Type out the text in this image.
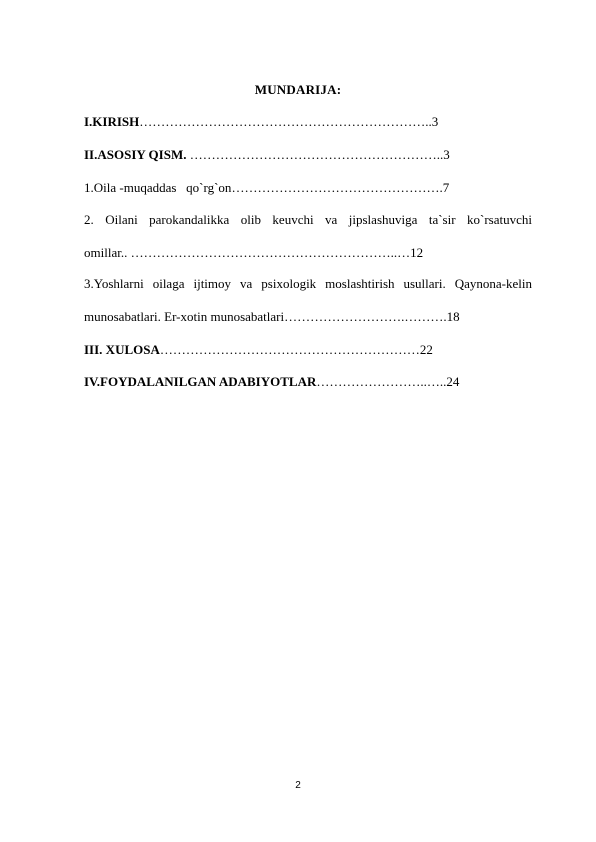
MUNDARIJA:
I.KIRISH…………………………………………………………..3
II.ASOSIY QISM. …………………………………………………..3
1.Oila -muqaddas   qo`rg`on………………………………………….7
2. Oilani parokandalikka olib keuvchi va jipslashuviga ta`sir ko`rsatuvchi
omillar.. ……………………………………………………..…12
3.Yoshlarni oilaga ijtimoy va psixologik moslashtirish usullari. Qaynona-kelin
munosabatlari. Er-xotin munosabatlari……………………….……….18
III. XULOSA……………………………………………………22
IV.FOYDALANILGAN ADABIYOTLAR……………………..…..24
2
